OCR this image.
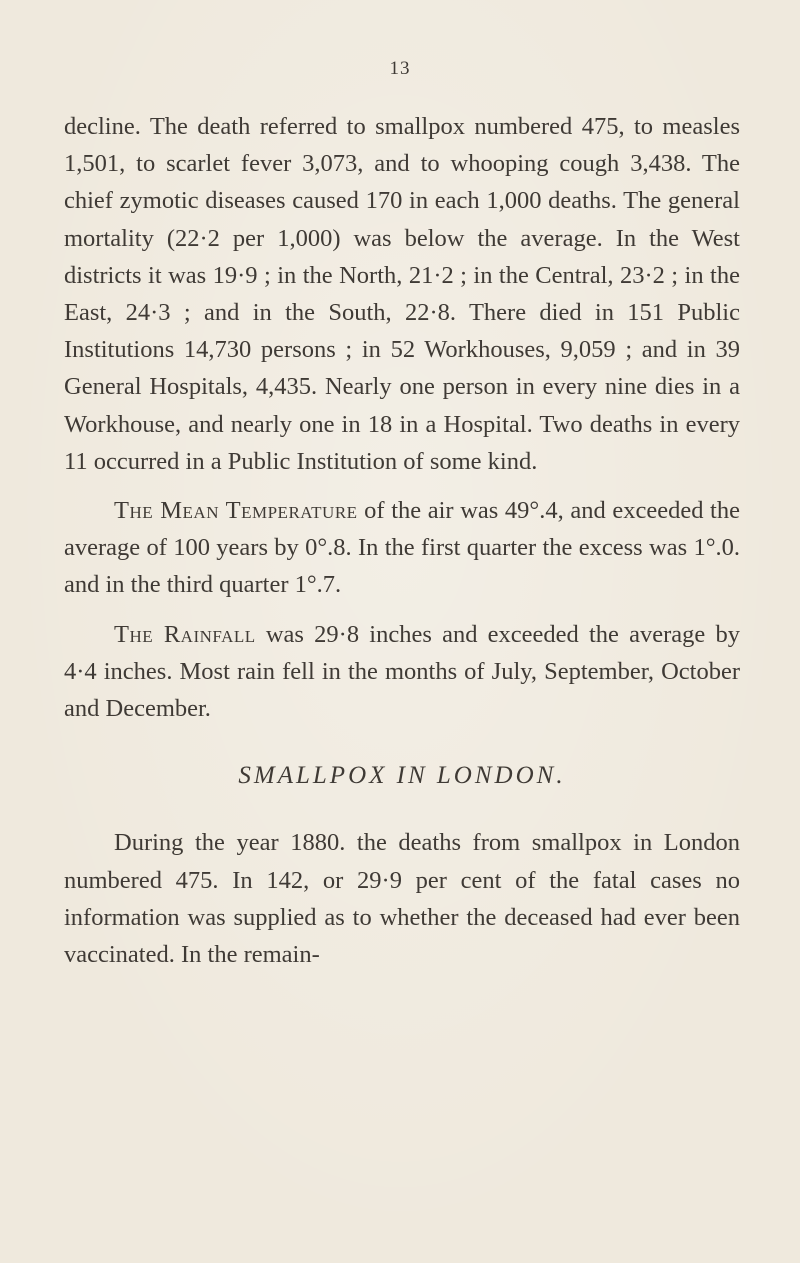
13

decline. The death referred to smallpox numbered 475, to measles 1,501, to scarlet fever 3,073, and to whooping cough 3,438. The chief zymotic diseases caused 170 in each 1,000 deaths. The general mortality (22·2 per 1,000) was below the average. In the West districts it was 19·9 ; in the North, 21·2 ; in the Central, 23·2 ; in the East, 24·3 ; and in the South, 22·8. There died in 151 Public Institutions 14,730 persons ; in 52 Workhouses, 9,059 ; and in 39 General Hospitals, 4,435. Nearly one person in every nine dies in a Workhouse, and nearly one in 18 in a Hospital. Two deaths in every 11 occurred in a Public Institution of some kind.

The Mean Temperature of the air was 49°.4, and exceeded the average of 100 years by 0°.8. In the first quarter the excess was 1°.0. and in the third quarter 1°.7.

The Rainfall was 29·8 inches and exceeded the average by 4·4 inches. Most rain fell in the months of July, September, October and December.

SMALLPOX IN LONDON.

During the year 1880. the deaths from smallpox in London numbered 475. In 142, or 29·9 per cent of the fatal cases no information was supplied as to whether the deceased had ever been vaccinated. In the remain-
